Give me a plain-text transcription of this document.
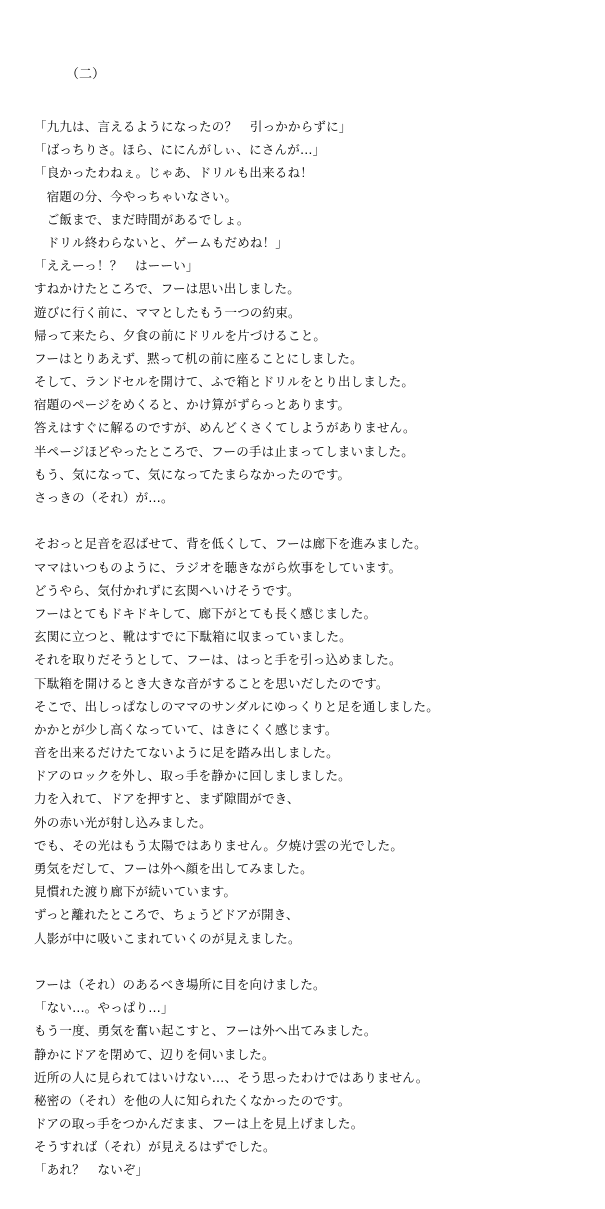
（二）
「九九は、言えるようになったの？　引っかからずに」
「ばっちりさ。ほら、ににんがしぃ、にさんが…」
「良かったわねぇ。じゃあ、ドリルも出来るね！
　宿題の分、今やっちゃいなさい。
　ご飯まで、まだ時間があるでしょ。
　ドリル終わらないと、ゲームもだめね！」
「ええーっ！？　はーーい」
すねかけたところで、フーは思い出しました。
遊びに行く前に、ママとしたもう一つの約束。
帰って来たら、夕食の前にドリルを片づけること。
フーはとりあえず、黙って机の前に座ることにしました。
そして、ランドセルを開けて、ふで箱とドリルをとり出しました。
宿題のページをめくると、かけ算がずらっとあります。
答えはすぐに解るのですが、めんどくさくてしようがありません。
半ページほどやったところで、フーの手は止まってしまいました。
もう、気になって、気になってたまらなかったのです。
さっきの（それ）が…。
そおっと足音を忍ばせて、背を低くして、フーは廊下を進みました。
ママはいつものように、ラジオを聴きながら炊事をしています。
どうやら、気付かれずに玄関へいけそうです。
フーはとてもドキドキして、廊下がとても長く感じました。
玄関に立つと、靴はすでに下駄箱に収まっていました。
それを取りだそうとして、フーは、はっと手を引っ込めました。
下駄箱を開けるとき大きな音がすることを思いだしたのです。
そこで、出しっぱなしのママのサンダルにゆっくりと足を通しました。
かかとが少し高くなっていて、はきにくく感じます。
音を出来るだけたてないように足を踏み出しました。
ドアのロックを外し、取っ手を静かに回しましました。
力を入れて、ドアを押すと、まず隙間ができ、
外の赤い光が射し込みました。
でも、その光はもう太陽ではありません。夕焼け雲の光でした。
勇気をだして、フーは外へ顔を出してみました。
見慣れた渡り廊下が続いています。
ずっと離れたところで、ちょうどドアが開き、
人影が中に吸いこまれていくのが見えました。
フーは（それ）のあるべき場所に目を向けました。
「ない…。やっぱり…」
もう一度、勇気を奮い起こすと、フーは外へ出てみました。
静かにドアを閉めて、辺りを伺いました。
近所の人に見られてはいけない…、そう思ったわけではありません。
秘密の（それ）を他の人に知られたくなかったのです。
ドアの取っ手をつかんだまま、フーは上を見上げました。
そうすれば（それ）が見えるはずでした。
「あれ？　ないぞ」
